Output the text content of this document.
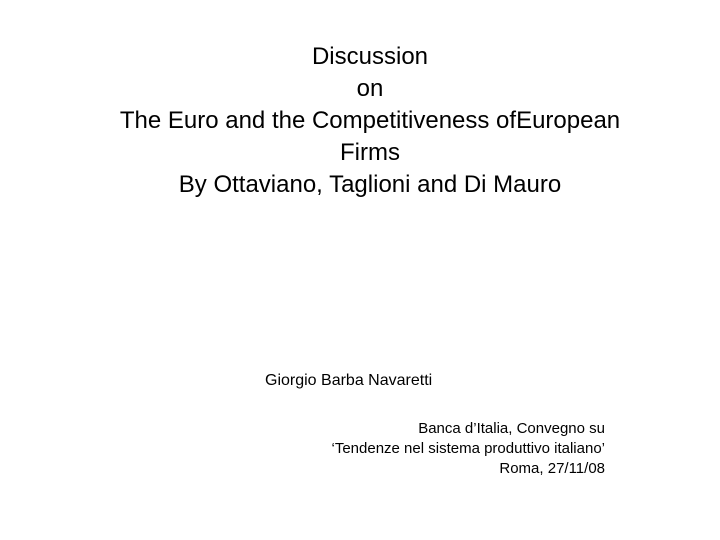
Discussion
on
The Euro and the Competitiveness ofEuropean
Firms
By Ottaviano, Taglioni and Di Mauro
Giorgio Barba Navaretti
Banca d’Italia, Convegno su
‘Tendenze nel sistema produttivo italiano’
Roma, 27/11/08
